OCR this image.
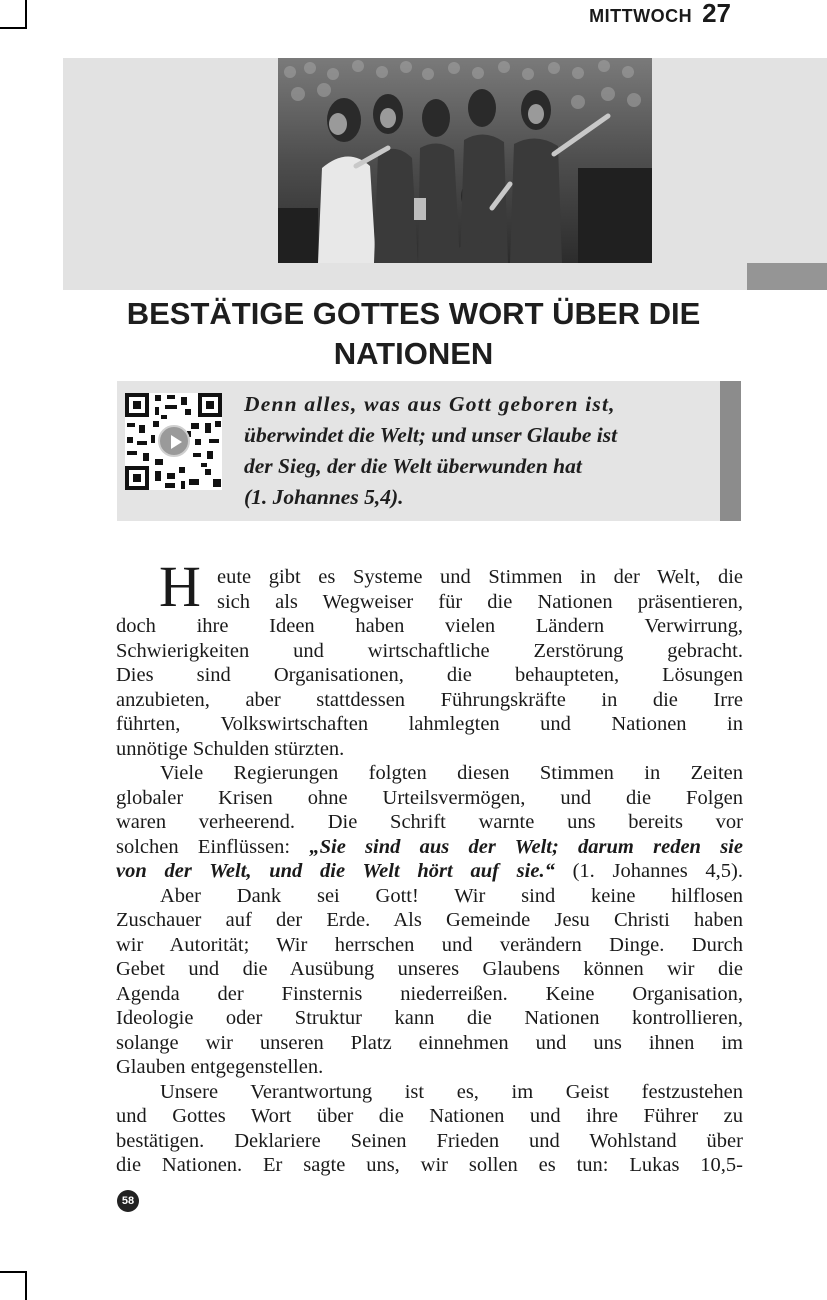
MITTWOCH 27
BESTÄTIGE GOTTES WORT ÜBER DIE
NATIONEN

Denn alles, was aus Gott geboren ist,
überwindet die Welt; und unser Glaube ist
der Sieg, der die Welt überwunden hat
(1. Johannes 5,4).

H eute gibt es Systeme und Stimmen in der Welt, die
sich als Wegweiser für die Nationen präsentieren,
doch ihre Ideen haben vielen Ländern Verwirrung,
Schwierigkeiten und wirtschaftliche Zerstörung gebracht.
Dies sind Organisationen, die behaupteten, Lösungen
anzubieten, aber stattdessen Führungskräfte in die Irre
führten, Volkswirtschaften lahmlegten und Nationen in
unnötige Schulden stürzten.
Viele Regierungen folgten diesen Stimmen in Zeiten
globaler Krisen ohne Urteilsvermögen, und die Folgen
waren verheerend. Die Schrift warnte uns bereits vor
solchen Einflüssen: „Sie sind aus der Welt; darum reden sie
von der Welt, und die Welt hört auf sie.“ (1. Johannes 4,5).
Aber Dank sei Gott! Wir sind keine hilflosen
Zuschauer auf der Erde. Als Gemeinde Jesu Christi haben
wir Autorität; Wir herrschen und verändern Dinge. Durch
Gebet und die Ausübung unseres Glaubens können wir die
Agenda der Finsternis niederreißen. Keine Organisation,
Ideologie oder Struktur kann die Nationen kontrollieren,
solange wir unseren Platz einnehmen und uns ihnen im
Glauben entgegenstellen.
Unsere Verantwortung ist es, im Geist festzustehen
und Gottes Wort über die Nationen und ihre Führer zu
bestätigen. Deklariere Seinen Frieden und Wohlstand über
die Nationen. Er sagte uns, wir sollen es tun: Lukas 10,5-
58
